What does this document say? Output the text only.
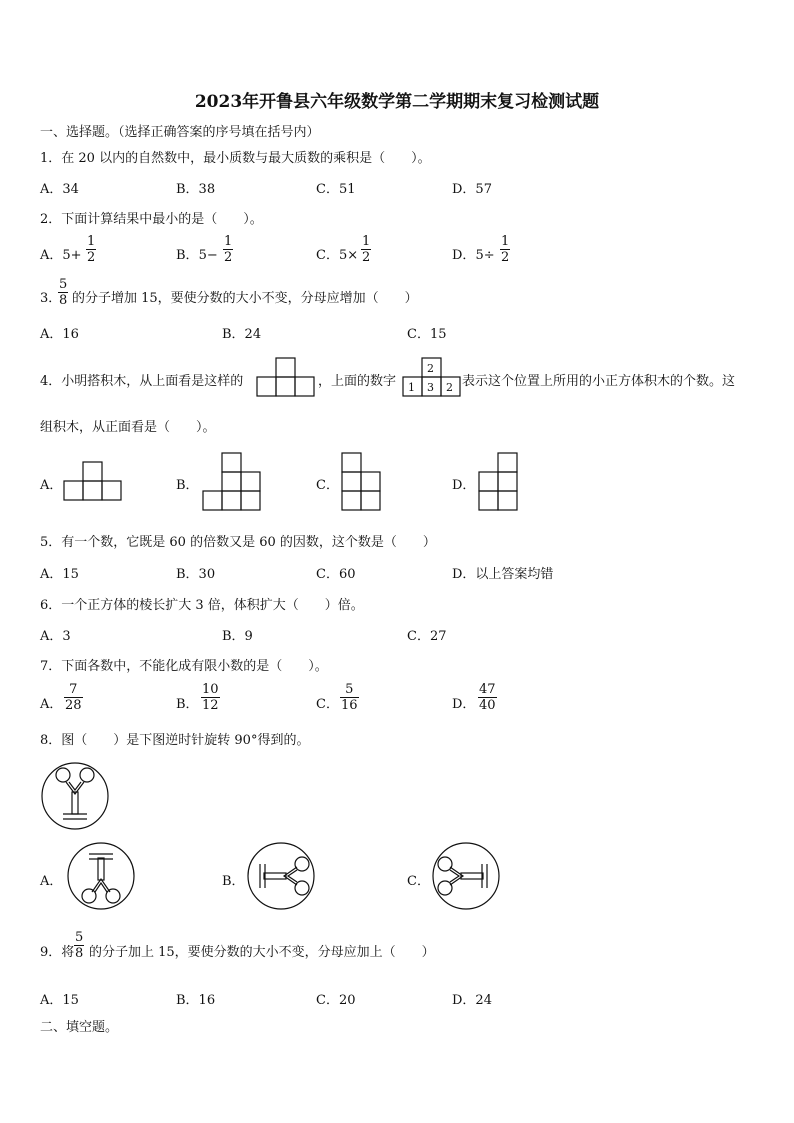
2023年开鲁县六年级数学第二学期期末复习检测试题
一、选择题。（选择正确答案的序号填在括号内）
1．在 20 以内的自然数中，最小质数与最大质数的乘积是（　　）。
A．34	B．38	C．51	D．57
2．下面计算结果中最小的是（　　）。
A．5+
1
2	B．5−
1
2	C．5×
1
2	D．5÷
1
2
3．
5
8 的分子增加 15，要使分数的大小不变，分母应增加（　　）
A．16	B．24	C．15
4．小明搭积木，从上面看是这样的	，上面的数字
2
1 3 2 表示这个位置上所用的小正方体积木的个数。这
组积木，从正面看是（　　）。
A．	B．	C．	D．
5．有一个数，它既是 60 的倍数又是 60 的因数，这个数是（　　）
A．15	B．30	C．60	D．以上答案均错
6．一个正方体的棱长扩大 3 倍，体积扩大（　　）倍。
A．3	B．9	C．27
7．下面各数中，不能化成有限小数的是（　　）。
A．
7
28	B．
10
12	C．
5
16	D．
47
40
8．图（　　）是下图逆时针旋转 90°得到的。
A．	B．	C．
9．将
5
8 的分子加上 15，要使分数的大小不变，分母应加上（　　）
A．15	B．16	C．20	D．24
二、填空题。
